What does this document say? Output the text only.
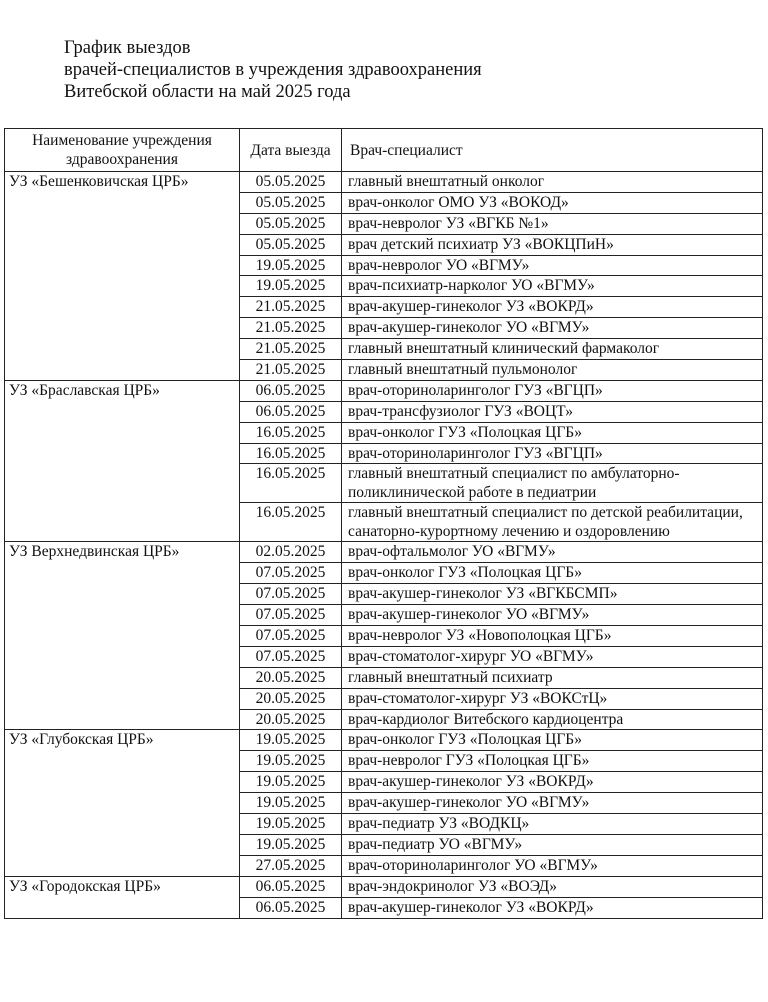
График выездов
врачей-специалистов в учреждения здравоохранения
Витебской области на май 2025 года
Наименование учреждения здравоохранения	Дата выезда	Врач-специалист
УЗ «Бешенковичская ЦРБ»	05.05.2025	главный внештатный онколог
	05.05.2025	врач-онколог ОМО УЗ «ВОКОД»
	05.05.2025	врач-невролог УЗ «ВГКБ №1»
	05.05.2025	врач детский психиатр УЗ «ВОКЦПиН»
	19.05.2025	врач-невролог УО «ВГМУ»
	19.05.2025	врач-психиатр-нарколог УО «ВГМУ»
	21.05.2025	врач-акушер-гинеколог УЗ «ВОКРД»
	21.05.2025	врач-акушер-гинеколог УО «ВГМУ»
	21.05.2025	главный внештатный клинический фармаколог
	21.05.2025	главный внештатный пульмонолог
УЗ «Браславская ЦРБ»	06.05.2025	врач-оториноларинголог ГУЗ «ВГЦП»
	06.05.2025	врач-трансфузиолог ГУЗ «ВОЦТ»
	16.05.2025	врач-онколог ГУЗ «Полоцкая ЦГБ»
	16.05.2025	врач-оториноларинголог ГУЗ «ВГЦП»
	16.05.2025	главный внештатный специалист по амбулаторно-поликлинической работе в педиатрии
	16.05.2025	главный внештатный специалист по детской реабилитации, санаторно-курортному лечению и оздоровлению
УЗ Верхнедвинская ЦРБ»	02.05.2025	врач-офтальмолог УО «ВГМУ»
	07.05.2025	врач-онколог ГУЗ «Полоцкая ЦГБ»
	07.05.2025	врач-акушер-гинеколог УЗ «ВГКБСМП»
	07.05.2025	врач-акушер-гинеколог УО «ВГМУ»
	07.05.2025	врач-невролог УЗ «Новополоцкая ЦГБ»
	07.05.2025	врач-стоматолог-хирург УО «ВГМУ»
	20.05.2025	главный внештатный психиатр
	20.05.2025	врач-стоматолог-хирург УЗ «ВОКСтЦ»
	20.05.2025	врач-кардиолог Витебского кардиоцентра
УЗ «Глубокская ЦРБ»	19.05.2025	врач-онколог ГУЗ «Полоцкая ЦГБ»
	19.05.2025	врач-невролог ГУЗ «Полоцкая ЦГБ»
	19.05.2025	врач-акушер-гинеколог УЗ «ВОКРД»
	19.05.2025	врач-акушер-гинеколог УО «ВГМУ»
	19.05.2025	врач-педиатр УЗ «ВОДКЦ»
	19.05.2025	врач-педиатр УО «ВГМУ»
	27.05.2025	врач-оториноларинголог УО «ВГМУ»
УЗ «Городокская ЦРБ»	06.05.2025	врач-эндокринолог УЗ «ВОЭД»
	06.05.2025	врач-акушер-гинеколог УЗ «ВОКРД»
